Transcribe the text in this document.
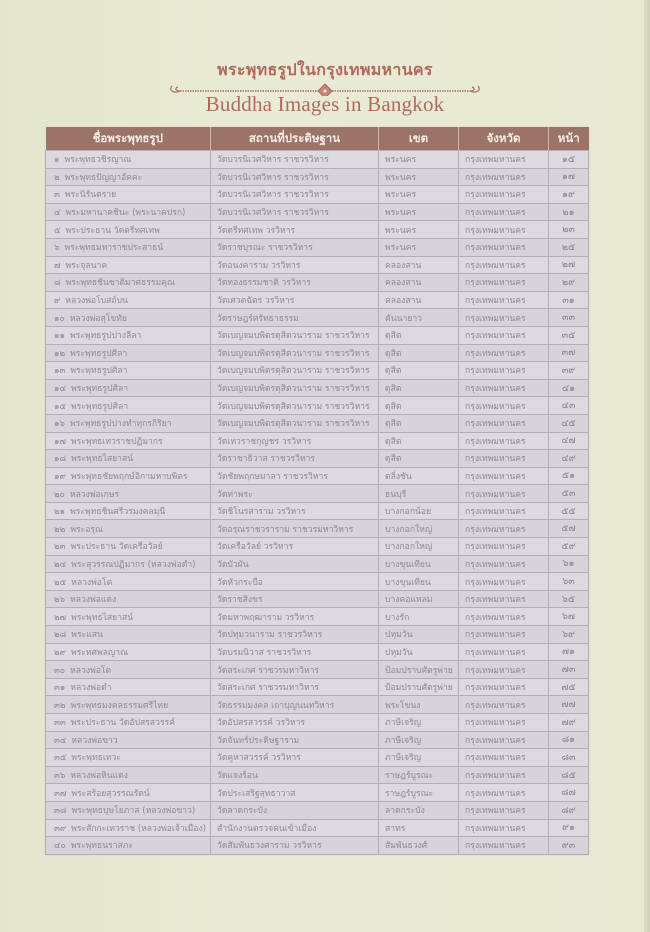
พระพุทธรูปในกรุงเทพมหานคร
Buddha Images in Bangkok
ชื่อพระพุทธรูป	สถานที่ประดิษฐาน	เขต	จังหวัด	หน้า
๑ พระพุทธวชิรญาณ	วัดบวรนิเวศวิหาร ราชวรวิหาร	พระนคร	กรุงเทพมหานคร	๑๕
๒ พระพุทธปัญญาอัคคะ	วัดบวรนิเวศวิหาร ราชวรวิหาร	พระนคร	กรุงเทพมหานคร	๑๗
๓ พระนิรันตราย	วัดบวรนิเวศวิหาร ราชวรวิหาร	พระนคร	กรุงเทพมหานคร	๑๙
๔ พระมหานาคชินะ (พระนาคปรก)	วัดบวรนิเวศวิหาร ราชวรวิหาร	พระนคร	กรุงเทพมหานคร	๒๑
๕ พระประธาน วัดตรีทศเทพ	วัดตรีทศเทพ วรวิหาร	พระนคร	กรุงเทพมหานคร	๒๓
๖ พระพุทธมหาราชประสาธน์	วัดราชบุรณะ ราชวรวิหาร	พระนคร	กรุงเทพมหานคร	๒๕
๗ พระจุลนาค	วัดอนงคาราม วรวิหาร	คลองสาน	กรุงเทพมหานคร	๒๗
๘ พระพุทธชินชาติมาศธรรมคุณ	วัดทองธรรมชาติ วรวิหาร	คลองสาน	กรุงเทพมหานคร	๒๙
๙ หลวงพ่อโบสถ์บน	วัดเศวตฉัตร วรวิหาร	คลองสาน	กรุงเทพมหานคร	๓๑
๑๐ หลวงพ่อสุโขทัย	วัดราษฎร์ศรัทธาธรรม	คันนายาว	กรุงเทพมหานคร	๓๓
๑๑ พระพุทธรูปปางลีลา	วัดเบญจมบพิตรดุสิตวนาราม ราชวรวิหาร	ดุสิต	กรุงเทพมหานคร	๓๕
๑๒ พระพุทธรูปศิลา	วัดเบญจมบพิตรดุสิตวนาราม ราชวรวิหาร	ดุสิต	กรุงเทพมหานคร	๓๗
๑๓ พระพุทธรูปศิลา	วัดเบญจมบพิตรดุสิตวนาราม ราชวรวิหาร	ดุสิต	กรุงเทพมหานคร	๓๙
๑๔ พระพุทธรูปศิลา	วัดเบญจมบพิตรดุสิตวนาราม ราชวรวิหาร	ดุสิต	กรุงเทพมหานคร	๔๑
๑๕ พระพุทธรูปศิลา	วัดเบญจมบพิตรดุสิตวนาราม ราชวรวิหาร	ดุสิต	กรุงเทพมหานคร	๔๓
๑๖ พระพุทธรูปปางทำทุกรกิริยา	วัดเบญจมบพิตรดุสิตวนาราม ราชวรวิหาร	ดุสิต	กรุงเทพมหานคร	๔๕
๑๗ พระพุทธเทวราชปฏิมากร	วัดเทวราชกุญชร วรวิหาร	ดุสิต	กรุงเทพมหานคร	๔๗
๑๘ พระพุทธไสยาสน์	วัดราชาธิวาส ราชวรวิหาร	ดุสิต	กรุงเทพมหานคร	๔๙
๑๙ พระพุทธชัยพฤกษ์อิกามหาบพิตร	วัดชัยพฤกษมาลา ราชวรวิหาร	ตลิ่งชัน	กรุงเทพมหานคร	๕๑
๒๐ หลวงพ่อเกษร	วัดท่าพระ	ธนบุรี	กรุงเทพมหานคร	๕๓
๒๑ พระพุทธชินศรีวรมงคลมุนี	วัดชิโนรสาราม วรวิหาร	บางกอกน้อย	กรุงเทพมหานคร	๕๕
๒๒ พระอรุณ	วัดอรุณราชวราราม ราชวรมหาวิหาร	บางกอกใหญ่	กรุงเทพมหานคร	๕๗
๒๓ พระประธาน วัดเครือวัลย์	วัดเครือวัลย์ วรวิหาร	บางกอกใหญ่	กรุงเทพมหานคร	๕๙
๒๔ พระสุวรรณปฏิมากร (หลวงพ่อดำ)	วัดบัวผัน	บางขุนเทียน	กรุงเทพมหานคร	๖๑
๒๕ หลวงพ่อโต	วัดหัวกระบือ	บางขุนเทียน	กรุงเทพมหานคร	๖๓
๒๖ หลวงพ่อแดง	วัดราชสิงขร	บางคอแหลม	กรุงเทพมหานคร	๖๕
๒๗ พระพุทธไสยาสน์	วัดมหาพฤฒาราม วรวิหาร	บางรัก	กรุงเทพมหานคร	๖๗
๒๘ พระแสน	วัดปทุมวนาราม ราชวรวิหาร	ปทุมวัน	กรุงเทพมหานคร	๖๙
๒๙ พระทศพลญาณ	วัดบรมนิวาส ราชวรวิหาร	ปทุมวัน	กรุงเทพมหานคร	๗๑
๓๐ หลวงพ่อโต	วัดสระเกศ ราชวรมหาวิหาร	ป้อมปราบศัตรูพ่าย	กรุงเทพมหานคร	๗๓
๓๑ หลวงพ่อดำ	วัดสระเกศ ราชวรมหาวิหาร	ป้อมปราบศัตรูพ่าย	กรุงเทพมหานคร	๗๕
๓๒ พระพุทธมงคลธรรมศรีไทย	วัดธรรมมงคล เถาบุญนนทวิหาร	พระโขนง	กรุงเทพมหานคร	๗๗
๓๓ พระประธาน วัดอัปสรสวรรค์	วัดอัปสรสวรรค์ วรวิหาร	ภาษีเจริญ	กรุงเทพมหานคร	๗๙
๓๔ หลวงพ่อขาว	วัดจันทร์ประดิษฐาราม	ภาษีเจริญ	กรุงเทพมหานคร	๘๑
๓๕ พระพุทธเทวะ	วัดคูหาสวรรค์ วรวิหาร	ภาษีเจริญ	กรุงเทพมหานคร	๘๓
๓๖ หลวงพ่อหินแดง	วัดแจงร้อน	ราษฎร์บูรณะ	กรุงเทพมหานคร	๘๕
๓๗ พระสร้อยสุวรรณรัตน์	วัดประเสริฐสุทธาวาส	ราษฎร์บูรณะ	กรุงเทพมหานคร	๘๗
๓๘ พระพุทธบุษโยภาส (หลวงพ่อขาว)	วัดลาดกระบัง	ลาดกระบัง	กรุงเทพมหานคร	๘๙
๓๙ พระสักกะเทวราช (หลวงพ่อเจ้าเมือง)	สำนักงานตรวจคนเข้าเมือง	สาทร	กรุงเทพมหานคร	๙๑
๔๐ พระพุทธนราสภะ	วัดสัมพันธวงศาราม วรวิหาร	สัมพันธวงศ์	กรุงเทพมหานคร	๙๓
